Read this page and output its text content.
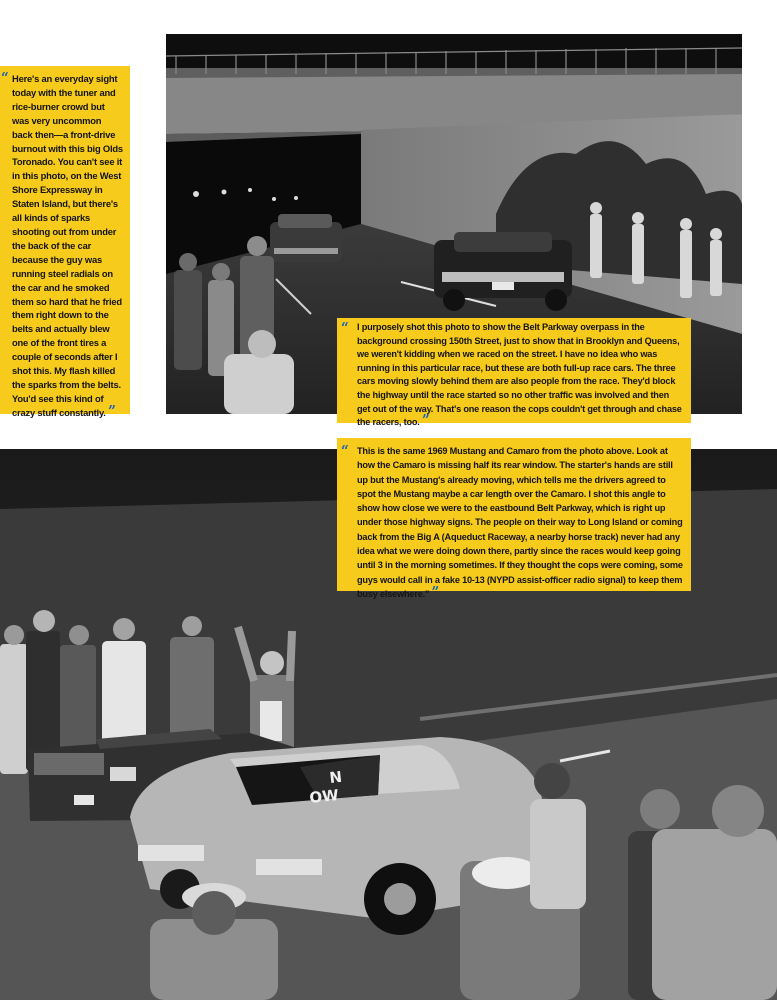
“ Here's an everyday sight today with the tuner and rice-burner crowd but was very uncommon back then—a front-drive burnout with this big Olds Toronado. You can't see it in this photo, on the West Shore Expressway in Staten Island, but there's all kinds of sparks shooting out from under the back of the car because the guy was running steel radials on the car and he smoked them so hard that he fried them right down to the belts and actually blew one of the front tires a couple of seconds after I shot this. My flash killed the sparks from the belts. You'd see this kind of crazy stuff constantly. ”

“ I purposely shot this photo to show the Belt Parkway overpass in the background crossing 150th Street, just to show that in Brooklyn and Queens, we weren't kidding when we raced on the street. I have no idea who was running in this particular race, but these are both full-up race cars. The three cars moving slowly behind them are also people from the race. They'd block the highway until the race started so no other traffic was involved and then get out of the way. That's one reason the cops couldn't get through and chase the racers, too. ”

N
OW
“ This is the same 1969 Mustang and Camaro from the photo above. Look at how the Camaro is missing half its rear window. The starter's hands are still up but the Mustang's already moving, which tells me the drivers agreed to spot the Mustang maybe a car length over the Camaro. I shot this angle to show how close we were to the eastbound Belt Parkway, which is right up under those highway signs. The people on their way to Long Island or coming back from the Big A (Aqueduct Raceway, a nearby horse track) never had any idea what we were doing down there, partly since the races would keep going until 3 in the morning sometimes. If they thought the cops were coming, some guys would call in a fake 10-13 (NYPD assist-officer radio signal) to keep them busy elsewhere." ”
